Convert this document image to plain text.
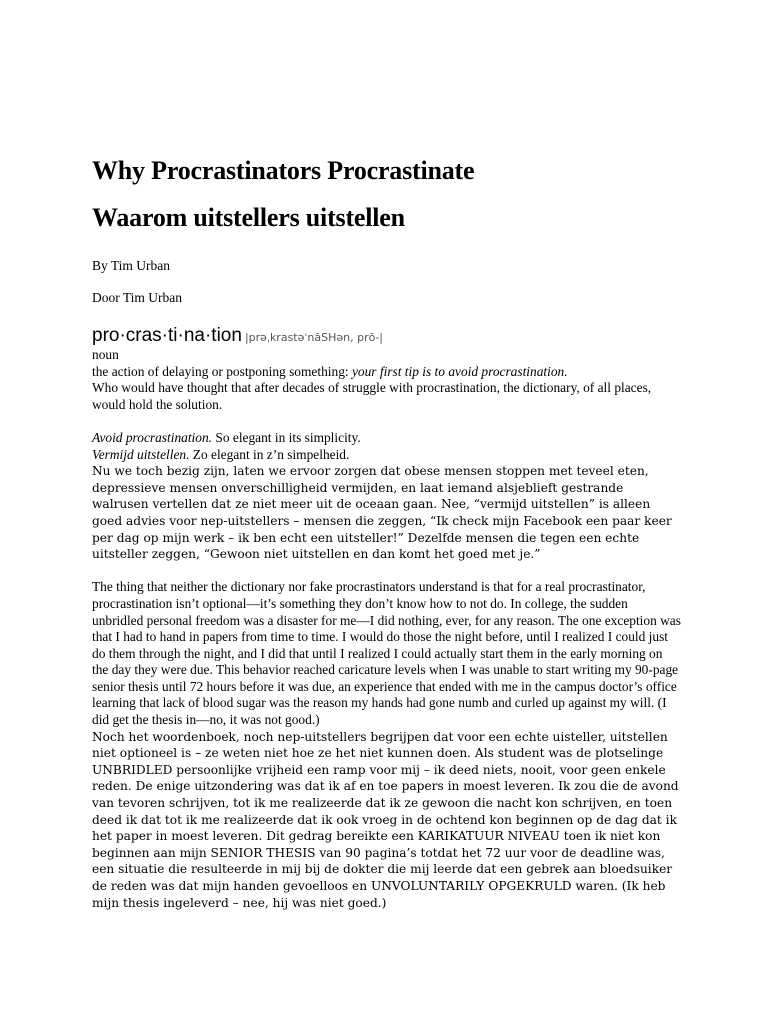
Why Procrastinators Procrastinate
Waarom uitstellers uitstellen

By Tim Urban

Door Tim Urban

pro·cras·ti·na·tion |prəˌkrastəˈnāSHən, prō-|

noun

the action of delaying or postponing something: your first tip is to avoid procrastination.

Who would have thought that after decades of struggle with procrastination, the dictionary, of all places, would hold the solution.

Avoid procrastination. So elegant in its simplicity.

Vermijd uitstellen. Zo elegant in z’n simpelheid.

Nu we toch bezig zijn, laten we ervoor zorgen dat obese mensen stoppen met teveel eten, depressieve mensen onverschilligheid vermijden, en laat iemand alsjeblieft gestrande walrusen vertellen dat ze niet meer uit de oceaan gaan. Nee, “vermijd uitstellen” is alleen goed advies voor nep-uitstellers – mensen die zeggen, “Ik check mijn Facebook een paar keer per dag op mijn werk – ik ben echt een uitsteller!” Dezelfde mensen die tegen een echte uitsteller zeggen, “Gewoon niet uitstellen en dan komt het goed met je.”

The thing that neither the dictionary nor fake procrastinators understand is that for a real procrastinator, procrastination isn’t optional—it’s something they don’t know how to not do. In college, the sudden unbridled personal freedom was a disaster for me—I did nothing, ever, for any reason. The one exception was that I had to hand in papers from time to time. I would do those the night before, until I realized I could just do them through the night, and I did that until I realized I could actually start them in the early morning on the day they were due. This behavior reached caricature levels when I was unable to start writing my 90-page senior thesis until 72 hours before it was due, an experience that ended with me in the campus doctor’s office learning that lack of blood sugar was the reason my hands had gone numb and curled up against my will. (I did get the thesis in—no, it was not good.)

Noch het woordenboek, noch nep-uitstellers begrijpen dat voor een echte uisteller, uitstellen niet optioneel is – ze weten niet hoe ze het niet kunnen doen. Als student was de plotselinge UNBRIDLED persoonlijke vrijheid een ramp voor mij – ik deed niets, nooit, voor geen enkele reden. De enige uitzondering was dat ik af en toe papers in moest leveren. Ik zou die de avond van tevoren schrijven, tot ik me realizeerde dat ik ze gewoon die nacht kon schrijven, en toen deed ik dat tot ik me realizeerde dat ik ook vroeg in de ochtend kon beginnen op de dag dat ik het paper in moest leveren. Dit gedrag bereikte een KARIKATUUR NIVEAU toen ik niet kon beginnen aan mijn SENIOR THESIS van 90 pagina’s totdat het 72 uur voor de deadline was, een situatie die resulteerde in mij bij de dokter die mij leerde dat een gebrek aan bloedsuiker de reden was dat mijn handen gevoelloos en UNVOLUNTARILY OPGEKRULD waren. (Ik heb mijn thesis ingeleverd – nee, hij was niet goed.)
